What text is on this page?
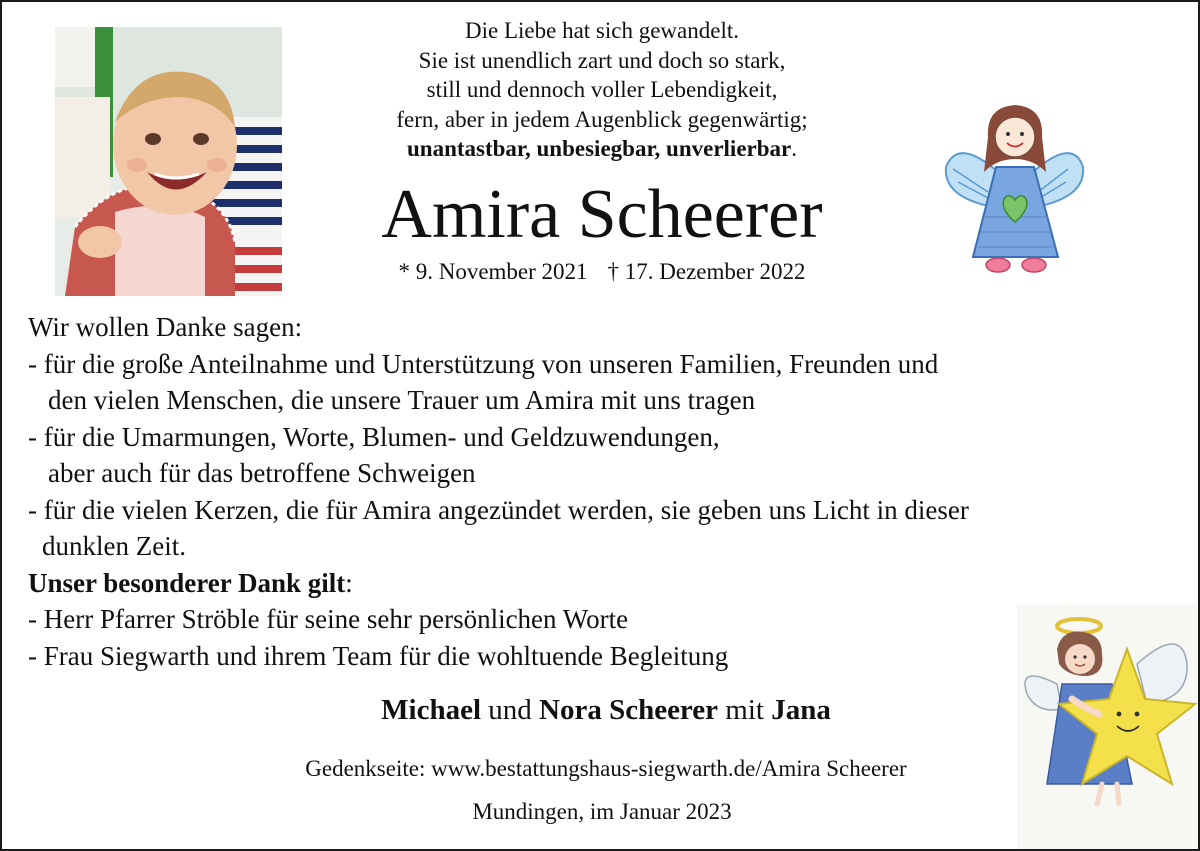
Die Liebe hat sich gewandelt.
Sie ist unendlich zart und doch so stark,
still und dennoch voller Lebendigkeit,
fern, aber in jedem Augenblick gegenwärtig;
unantastbar, unbesiegbar, unverlierbar.
Amira Scheerer
* 9. November 2021 † 17. Dezember 2022
Wir wollen Danke sagen:
- für die große Anteilnahme und Unterstützung von unseren Familien, Freunden und
den vielen Menschen, die unsere Trauer um Amira mit uns tragen
- für die Umarmungen, Worte, Blumen- und Geldzuwendungen,
aber auch für das betroffene Schweigen
- für die vielen Kerzen, die für Amira angezündet werden, sie geben uns Licht in dieser
dunklen Zeit.
Unser besonderer Dank gilt:
- Herr Pfarrer Ströble für seine sehr persönlichen Worte
- Frau Siegwarth und ihrem Team für die wohltuende Begleitung
Michael und Nora Scheerer mit Jana
Gedenkseite: www.bestattungshaus-siegwarth.de/Amira Scheerer
Mundingen, im Januar 2023
